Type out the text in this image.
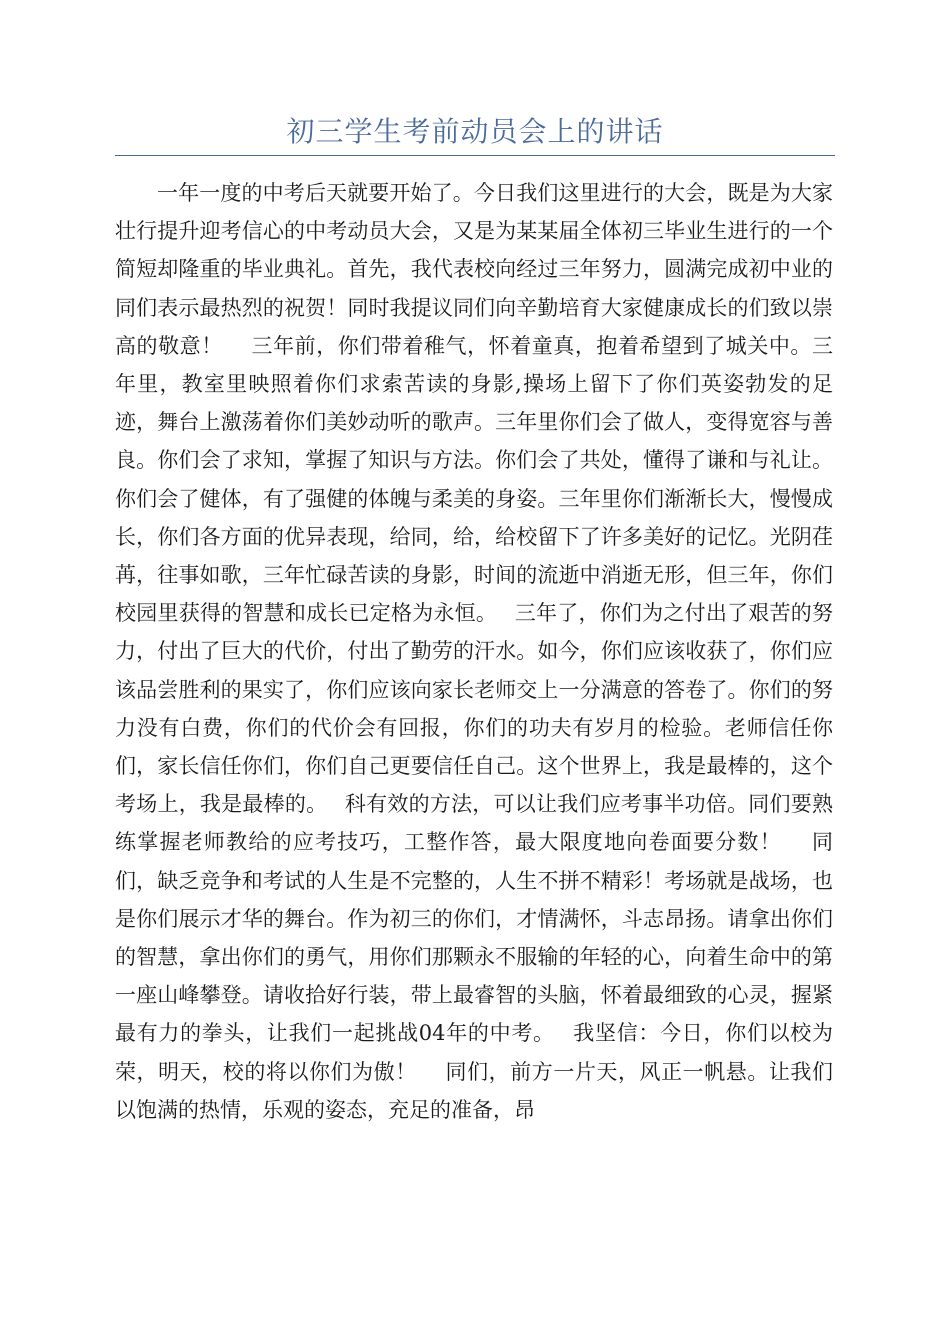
初三学生考前动员会上的讲话

一年一度的中考后天就要开始了。今日我们这里进行的大会，既是为大家壮行提升迎考信心的中考动员大会，又是为某某届全体初三毕业生进行的一个简短却隆重的毕业典礼。首先，我代表校向经过三年努力，圆满完成初中业的同们表示最热烈的祝贺！同时我提议同们向辛勤培育大家健康成长的们致以崇高的敬意！　 三年前，你们带着稚气，怀着童真，抱着希望到了城关中。三年里，教室里映照着你们求索苦读的身影,操场上留下了你们英姿勃发的足迹，舞台上激荡着你们美妙动听的歌声。三年里你们会了做人，变得宽容与善良。你们会了求知，掌握了知识与方法。你们会了共处，懂得了谦和与礼让。你们会了健体，有了强健的体魄与柔美的身姿。三年里你们渐渐长大，慢慢成长，你们各方面的优异表现，给同，给，给校留下了许多美好的记忆。光阴荏苒，往事如歌，三年忙碌苦读的身影，时间的流逝中消逝无形，但三年，你们校园里获得的智慧和成长已定格为永恒。　 三年了，你们为之付出了艰苦的努力，付出了巨大的代价，付出了勤劳的汗水。如今，你们应该收获了，你们应该品尝胜利的果实了，你们应该向家长老师交上一分满意的答卷了。你们的努力没有白费，你们的代价会有回报，你们的功夫有岁月的检验。老师信任你们，家长信任你们，你们自己更要信任自己。这个世界上，我是最棒的，这个考场上，我是最棒的。　 科有效的方法，可以让我们应考事半功倍。同们要熟练掌握老师教给的应考技巧，工整作答，最大限度地向卷面要分数！　 同们，缺乏竞争和考试的人生是不完整的，人生不拼不精彩！考场就是战场，也是你们展示才华的舞台。作为初三的你们，才情满怀，斗志昂扬。请拿出你们的智慧，拿出你们的勇气，用你们那颗永不服输的年轻的心，向着生命中的第一座山峰攀登。请收拾好行装，带上最睿智的头脑，怀着最细致的心灵，握紧最有力的拳头，让我们一起挑战04年的中考。　 我坚信：今日，你们以校为荣，明天，校的将以你们为傲！　 同们，前方一片天，风正一帆悬。让我们以饱满的热情，乐观的姿态，充足的准备，昂
